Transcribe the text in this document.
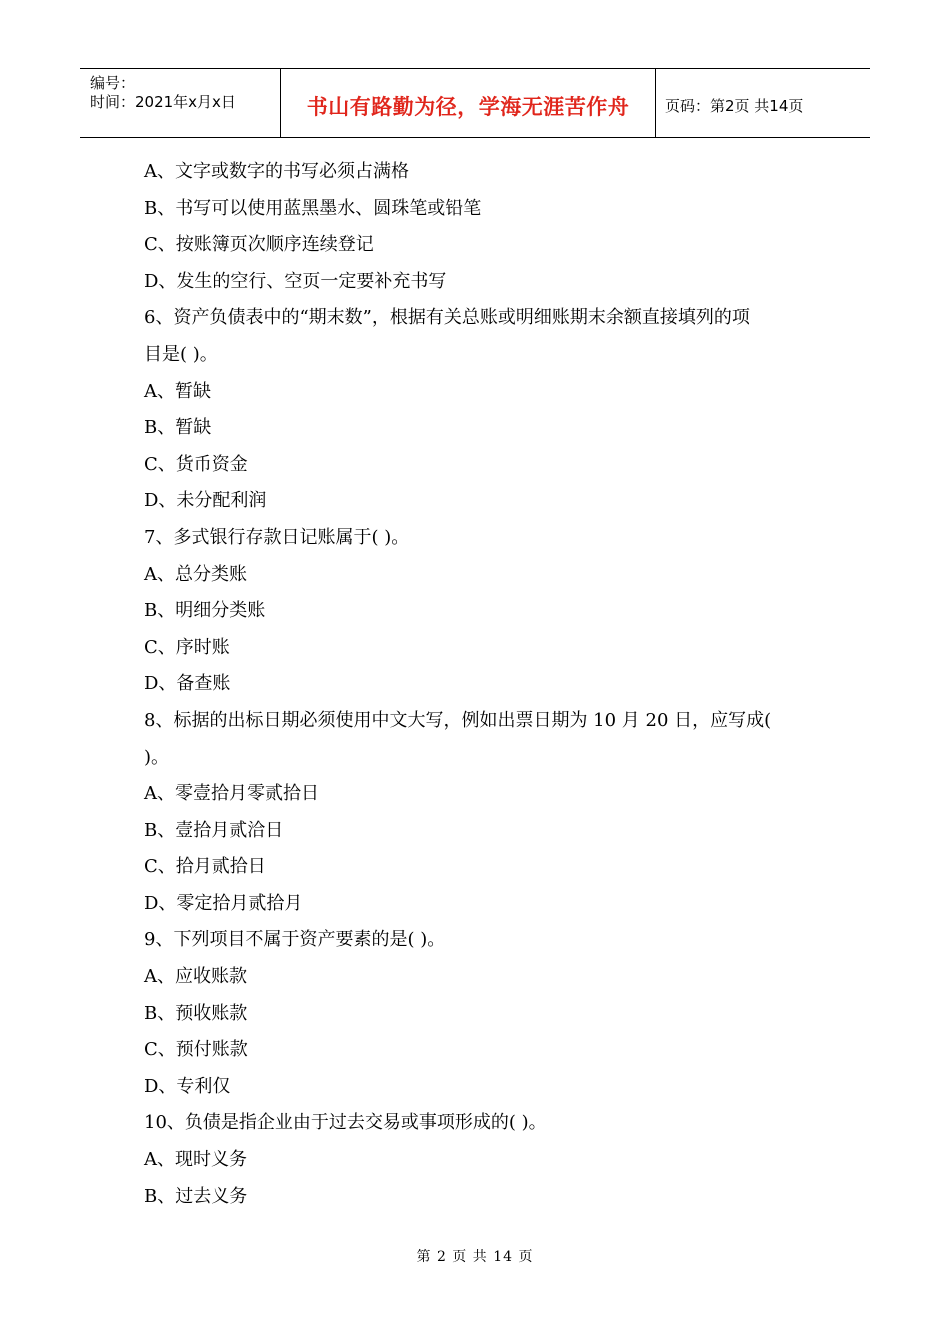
编号：
时间：2021年x月x日	书山有路勤为径，学海无涯苦作舟	页码：第2页 共14页
A、文字或数字的书写必须占满格
B、书写可以使用蓝黑墨水、圆珠笔或铅笔
C、按账簿页次顺序连续登记
D、发生的空行、空页一定要补充书写
6、资产负债表中的“期末数”，根据有关总账或明细账期末余额直接填列的项
目是( )。
A、暂缺
B、暂缺
C、货币资金
D、未分配利润
7、多式银行存款日记账属于( )。
A、总分类账
B、明细分类账
C、序时账
D、备查账
8、标据的出标日期必须使用中文大写，例如出票日期为 10 月 20 日，应写成(
)。
A、零壹拾月零贰拾日
B、壹拾月贰洽日
C、拾月贰拾日
D、零定拾月贰拾月
9、下列项目不属于资产要素的是( )。
A、应收账款
B、预收账款
C、预付账款
D、专利仅
10、负债是指企业由于过去交易或事项形成的( )。
A、现时义务
B、过去义务
第 2 页 共 14 页
